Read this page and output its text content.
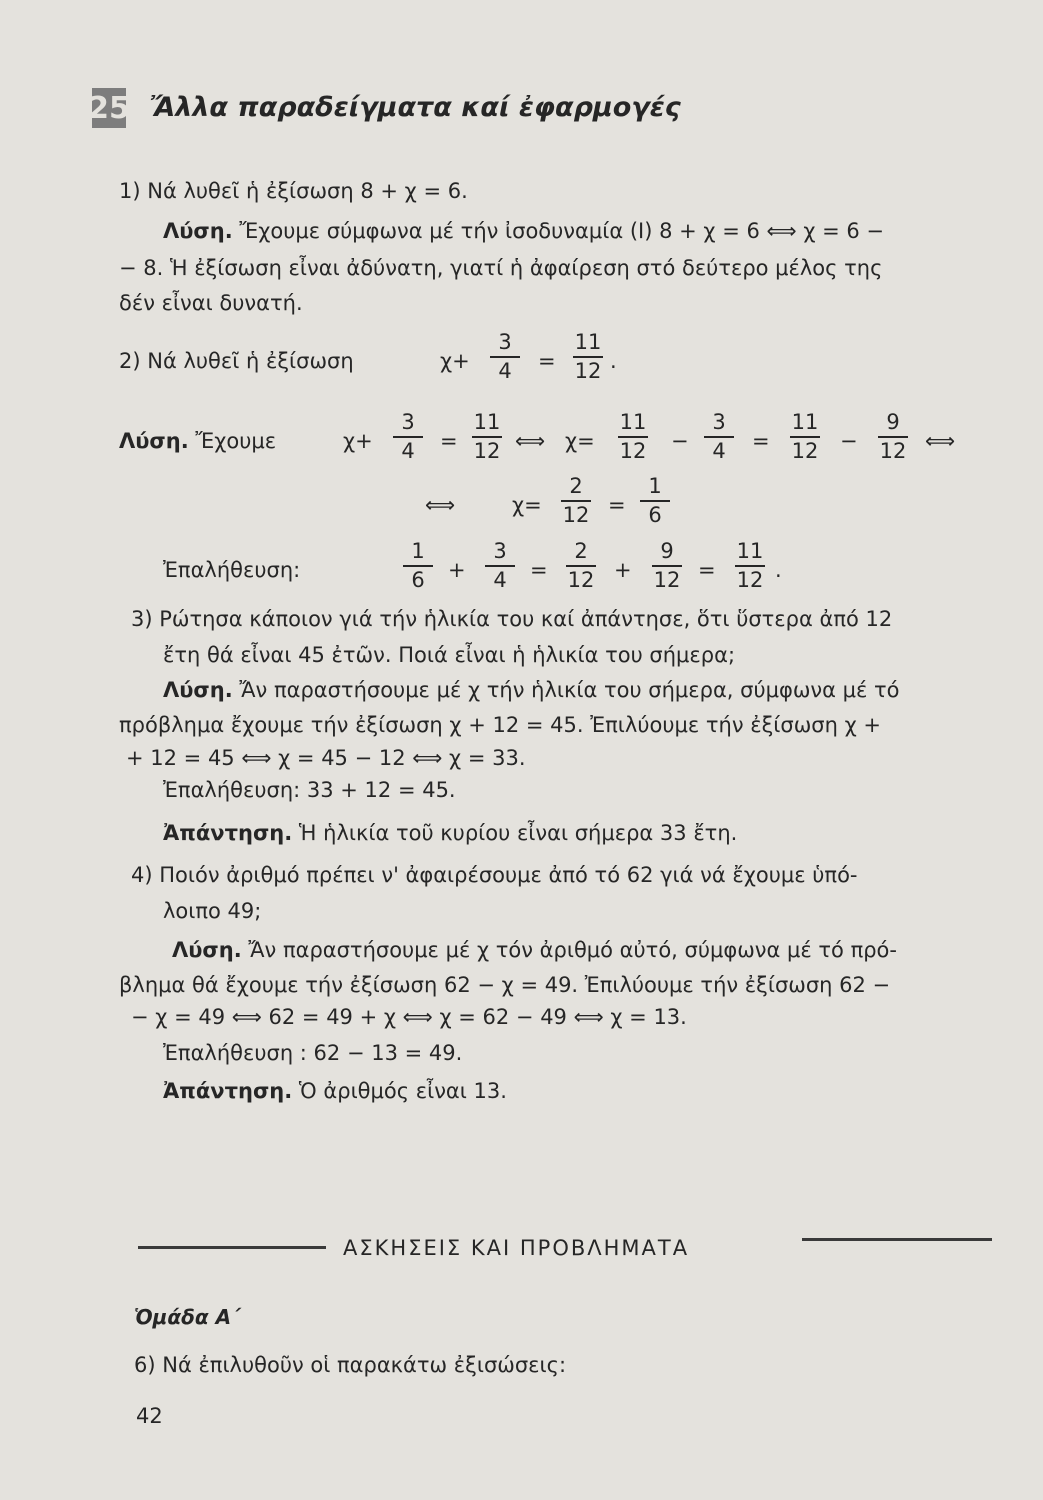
25 Ἄλλα παραδείγματα καί ἐφαρμογές
1) Νά λυθεῖ ἡ ἐξίσωση 8 + χ = 6.
Λύση. Ἔχουμε σύμφωνα μέ τήν ἰσοδυναμία (Ι) 8 + χ = 6 ⟺ χ = 6 −
− 8. Ἡ ἐξίσωση εἶναι ἀδύνατη, γιατί ἡ ἀφαίρεση στό δεύτερο μέλος της
δέν εἶναι δυνατή.
2) Νά λυθεῖ ἡ ἐξίσωση	χ+
3
4	=
11
12 .
Λύση. Ἔχουμε	χ+
3
4	=
11
12 ⟺ χ=
11
12 −
3
4	=
11
12 −
9
12 ⟺
⟺	χ=
2
12 =
1
6
Ἐπαλήθευση:
1
6	+
3
4	=
2
12 +
9
12 =
11
12 .
3) Ρώτησα κάποιον γιά τήν ἡλικία του καί ἀπάντησε, ὅτι ὕστερα ἀπό 12
ἔτη θά εἶναι 45 ἐτῶν. Ποιά εἶναι ἡ ἡλικία του σήμερα;
Λύση. Ἄν παραστήσουμε μέ χ τήν ἡλικία του σήμερα, σύμφωνα μέ τό
πρόβλημα ἔχουμε τήν ἐξίσωση χ + 12 = 45. Ἐπιλύουμε τήν ἐξίσωση χ +
+ 12 = 45 ⟺ χ = 45 − 12 ⟺ χ = 33.
Ἐπαλήθευση: 33 + 12 = 45.
Ἀπάντηση. Ἡ ἡλικία τοῦ κυρίου εἶναι σήμερα 33 ἔτη.
4) Ποιόν ἀριθμό πρέπει ν' ἀφαιρέσουμε ἀπό τό 62 γιά νά ἔχουμε ὑπό-
λοιπο 49;
Λύση. Ἄν παραστήσουμε μέ χ τόν ἀριθμό αὐτό, σύμφωνα μέ τό πρό-
βλημα θά ἔχουμε τήν ἐξίσωση 62 − χ = 49. Ἐπιλύουμε τήν ἐξίσωση 62 −
− χ = 49 ⟺ 62 = 49 + χ ⟺ χ = 62 − 49 ⟺ χ = 13.
Ἐπαλήθευση : 62 − 13 = 49.
Ἀπάντηση. Ὁ ἀριθμός εἶναι 13.
ΑΣΚΗΣΕΙΣ ΚΑΙ ΠΡΟΒΛΗΜΑΤΑ
Ὁμάδα Α΄
6) Νά ἐπιλυθοῦν οἱ παρακάτω ἐξισώσεις:
42
